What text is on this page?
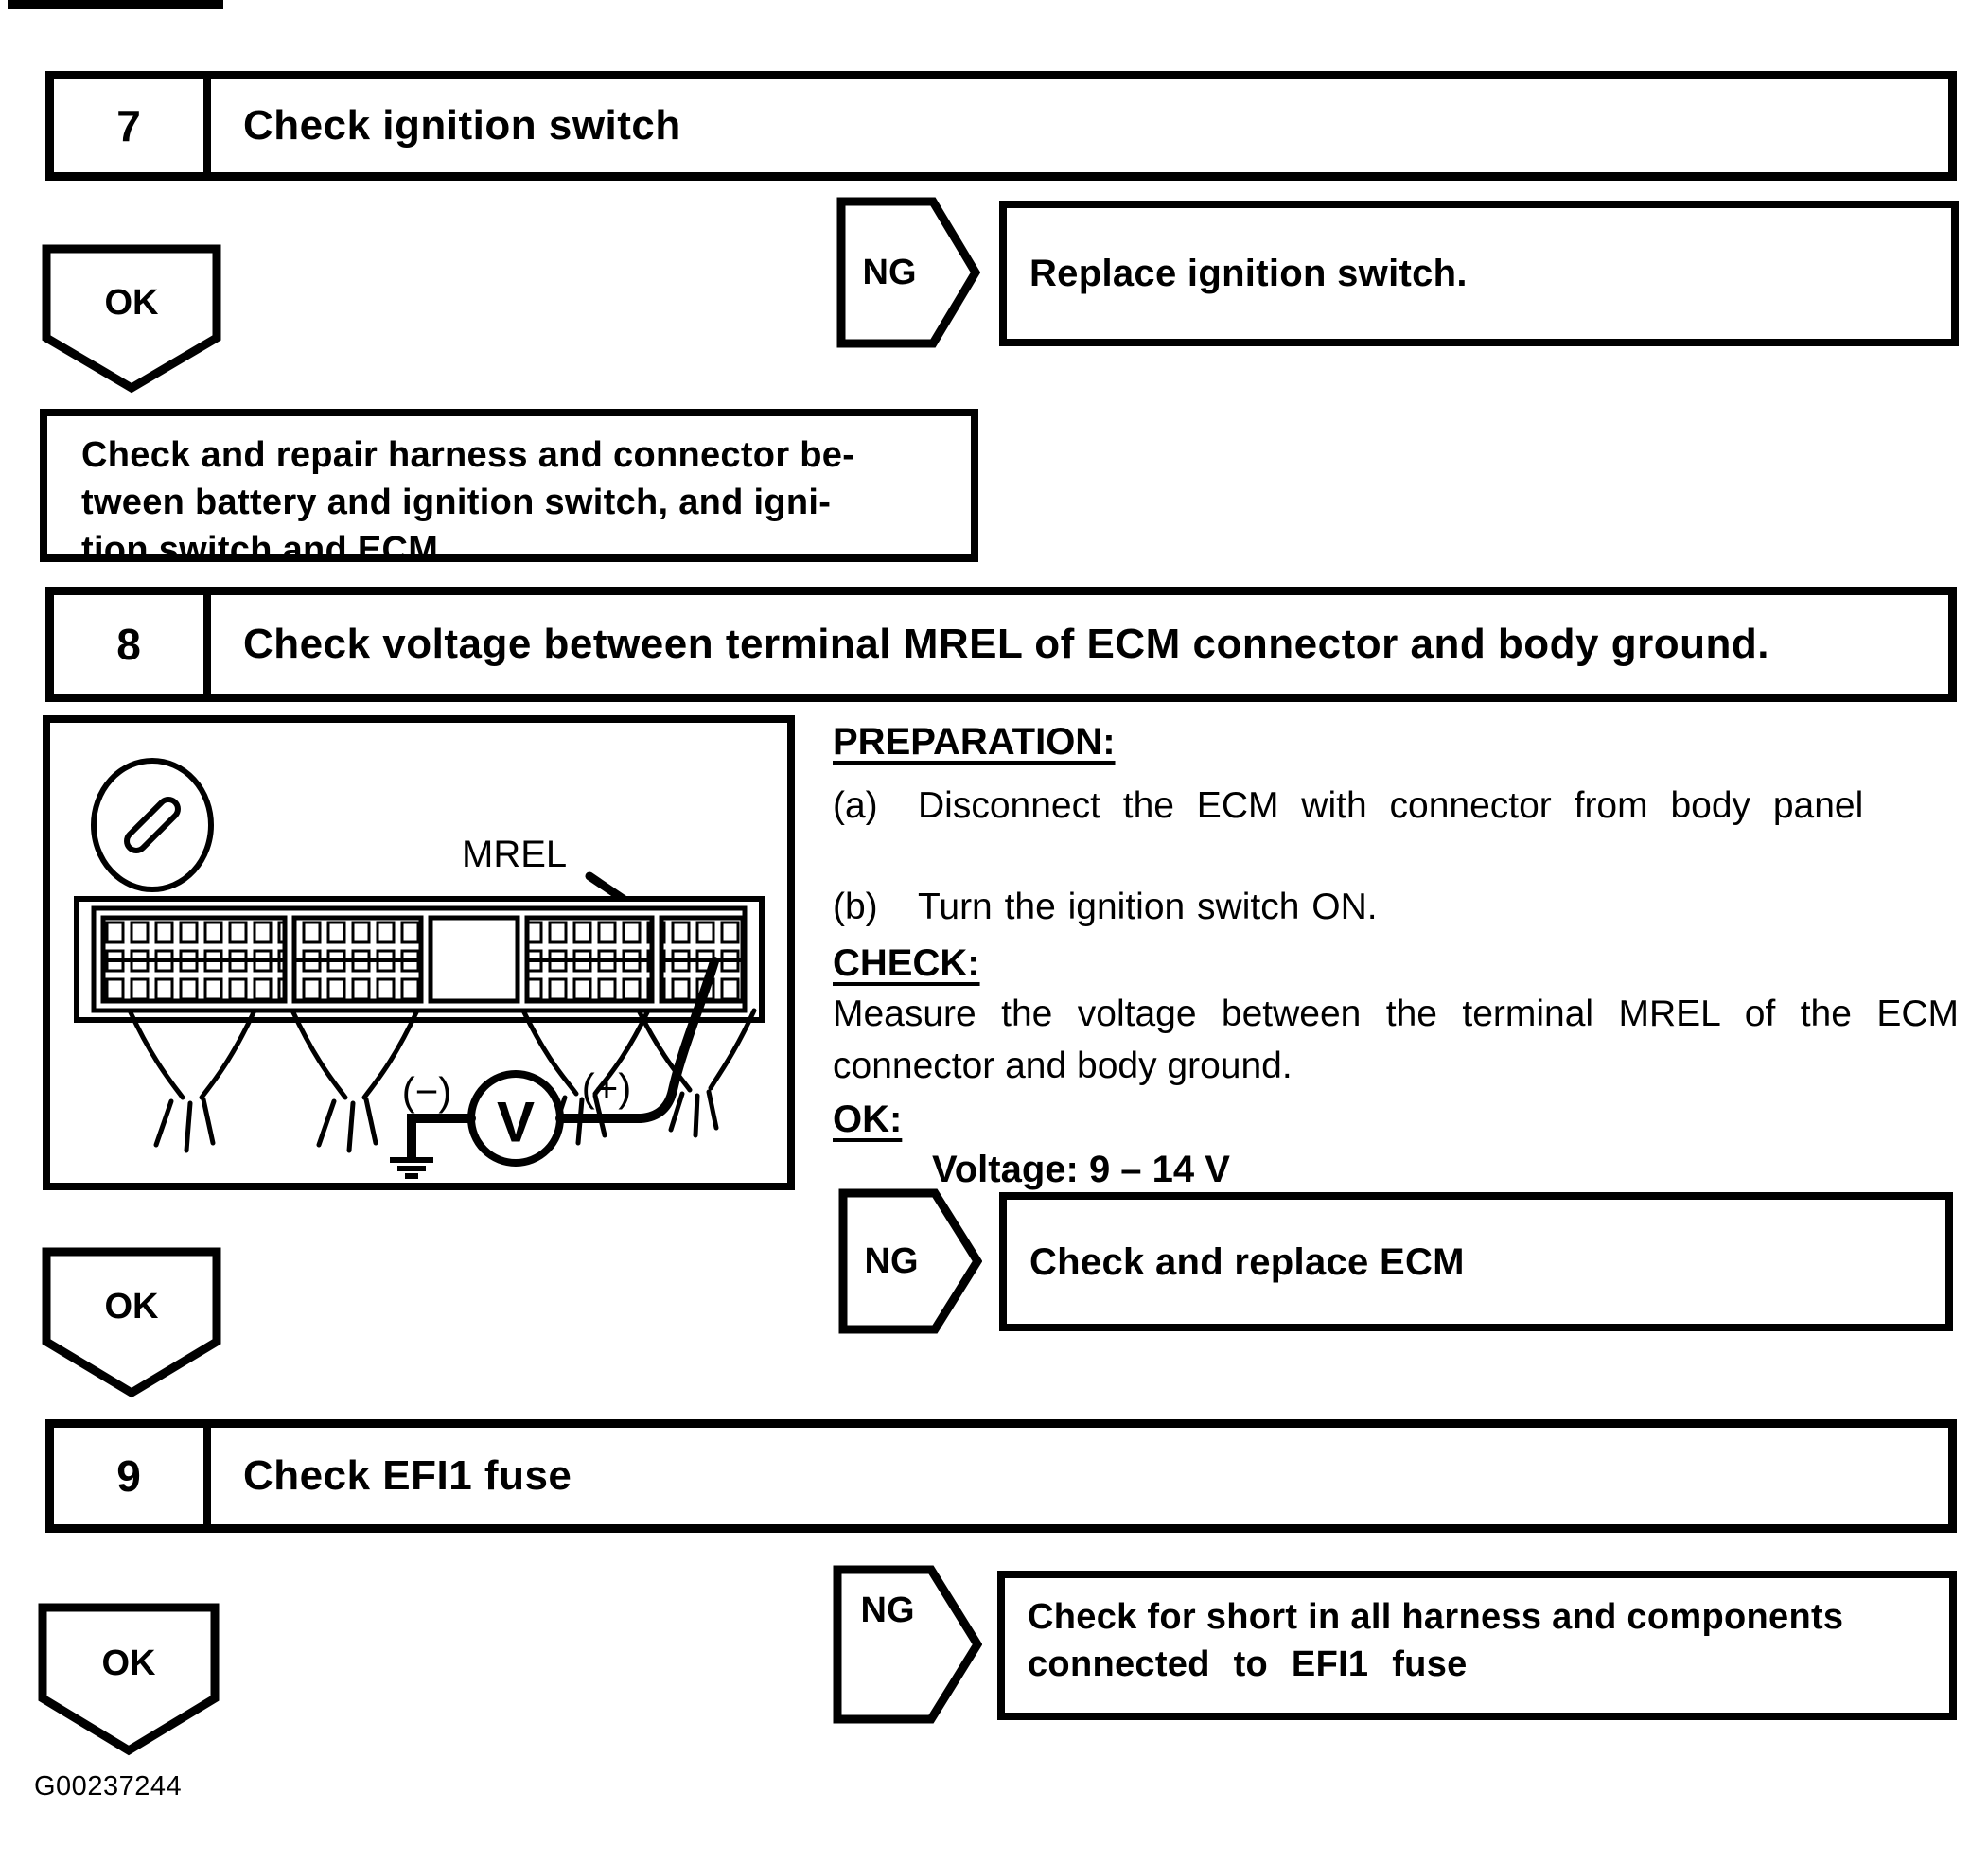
7	Check ignition switch
NG	Replace ignition switch.
OK
Check and repair harness and connector be-
tween battery and ignition switch, and igni-
tion switch and ECM.
8	Check voltage between terminal MREL of ECM connector and body ground.
MREL
V
(−)	(+)
PREPARATION:
(a)	Disconnect the ECM with connector from body panel
(b)	Turn the ignition switch ON.
CHECK:
Measure the voltage between the terminal MREL of the ECM connector and body ground.
OK:
Voltage: 9 – 14 V
NG	Check and replace ECM
OK
9	Check EFI1 fuse
NG	Check for short in all harness and components
connected to EFI1 fuse
OK
G00237244
